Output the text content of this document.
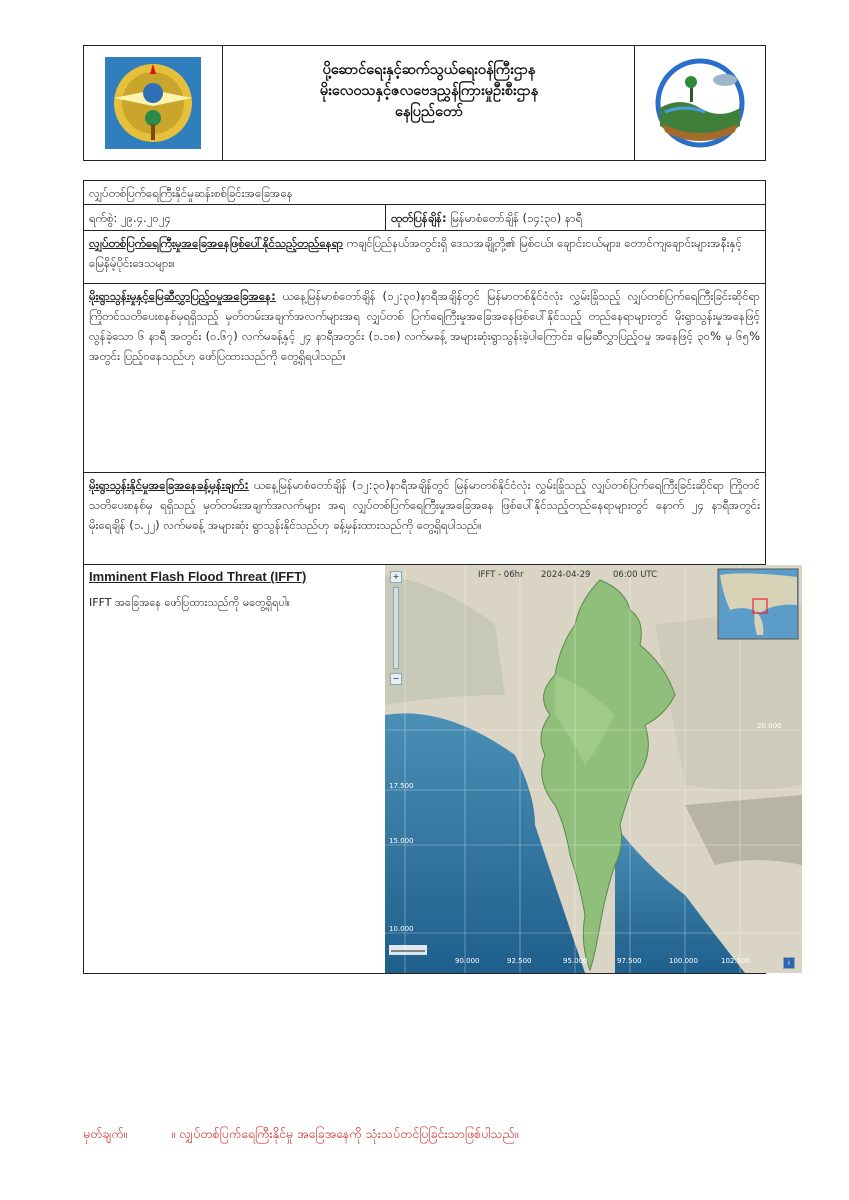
ပို့ဆောင်ရေးနှင့်ဆက်သွယ်ရေးဝန်ကြီးဌာန
မိုးလေဝသနှင့်ဇလဗေဒညွှန်ကြားမှုဦးစီးဌာန
နေပြည်တော်
လျှပ်တစ်ပြက်ရေကြီးနိုင်မှုဆန်းစစ်ခြင်းအခြေအနေ
ရက်စွဲ: ၂၉.၄.၂၀၂၄	ထုတ်ပြန်ချိန်: မြန်မာစံတော်ချိန် (၁၄:၃၀) နာရီ
လျှပ်တစ်ပြက်ရေကြီးမှုအခြေအနေဖြစ်ပေါ်နိုင်သည့်တည်နေရာ ကချင်ပြည်နယ်အတွင်းရှိ ဒေသအချို့တို့၏ မြစ်ငယ်၊ ချောင်းငယ်များ၊ တောင်ကျချောင်းများအနီးနှင့် မြေနိမ့်ပိုင်းဒေသများ။
မိုးရွာသွန်းမှုနှင့်မြေဆီလွှာပြည့်ဝမှုအခြေအနေ: ယနေ့မြန်မာစံတော်ချိန် (၁၂:၃၀)နာရီအချိန်တွင် မြန်မာတစ်နိုင်ငံလုံး လွှမ်းခြုံသည့် လျှပ်တစ်ပြက်ရေကြီးခြင်းဆိုင်ရာ ကြိုတင်သတိပေးစနစ်မှရရှိသည့် မှတ်တမ်းအချက်အလက်များအရ လျှပ်တစ် ပြက်ရေကြီးမှုအခြေအနေဖြစ်ပေါ်နိုင်သည့် တည်နေရာများတွင် မိုးရွာသွန်းမှုအနေဖြင့် လွန်ခဲ့သော ၆ နာရီ အတွင်း (၀.၆၇) လက်မခန့်နှင့် ၂၄ နာရီအတွင်း (၁.၁၈) လက်မခန့် အများဆုံးရွာသွန်းခဲ့ပါကြောင်း၊ မြေဆီလွှာပြည့်ဝမှု အနေဖြင့် ၃၀% မှ ၆၅% အတွင်း ပြည့်ဝနေသည်ဟု ဖော်ပြထားသည်ကို တွေ့ရှိရပါသည်။
မိုးရွာသွန်းနိုင်မှုအခြေအနေခန့်မှန်းချက်: ယနေ့မြန်မာစံတော်ချိန် (၁၂:၃၀)နာရီအချိန်တွင် မြန်မာတစ်နိုင်ငံလုံး လွှမ်းခြုံသည့် လျှပ်တစ်ပြက်ရေကြီးခြင်းဆိုင်ရာ ကြိုတင်သတိပေးစနစ်မှ ရရှိသည့် မှတ်တမ်းအချက်အလက်များ အရ လျှပ်တစ်ပြက်ရေကြီးမှုအခြေအနေ ဖြစ်ပေါ်နိုင်သည့်တည်နေရာများတွင် နောက် ၂၄ နာရီအတွင်း မိုးရေချိန် (၁.၂၂) လက်မခန့် အများဆုံး ရွာသွန်းနိုင်သည်ဟု ခန့်မှန်းထားသည်ကို တွေ့ရှိရပါသည်။
Imminent Flash Flood Threat (IFFT)
IFFT အခြေအနေ ဖော်ပြထားသည်ကို မတွေ့ရှိရပါ။
20.000
17.500
15.000
10.000
90.000	92.500	95.000	97.500	100.000	102.500
IFFT - 06hr 2024-04-29	06:00 UTC
+
−
i
မှတ်ချက်။	။ လျှပ်တစ်ပြက်ရေကြီးနိုင်မှု အခြေအနေကို သုံးသပ်တင်ပြခြင်းသာဖြစ်ပါသည်။
